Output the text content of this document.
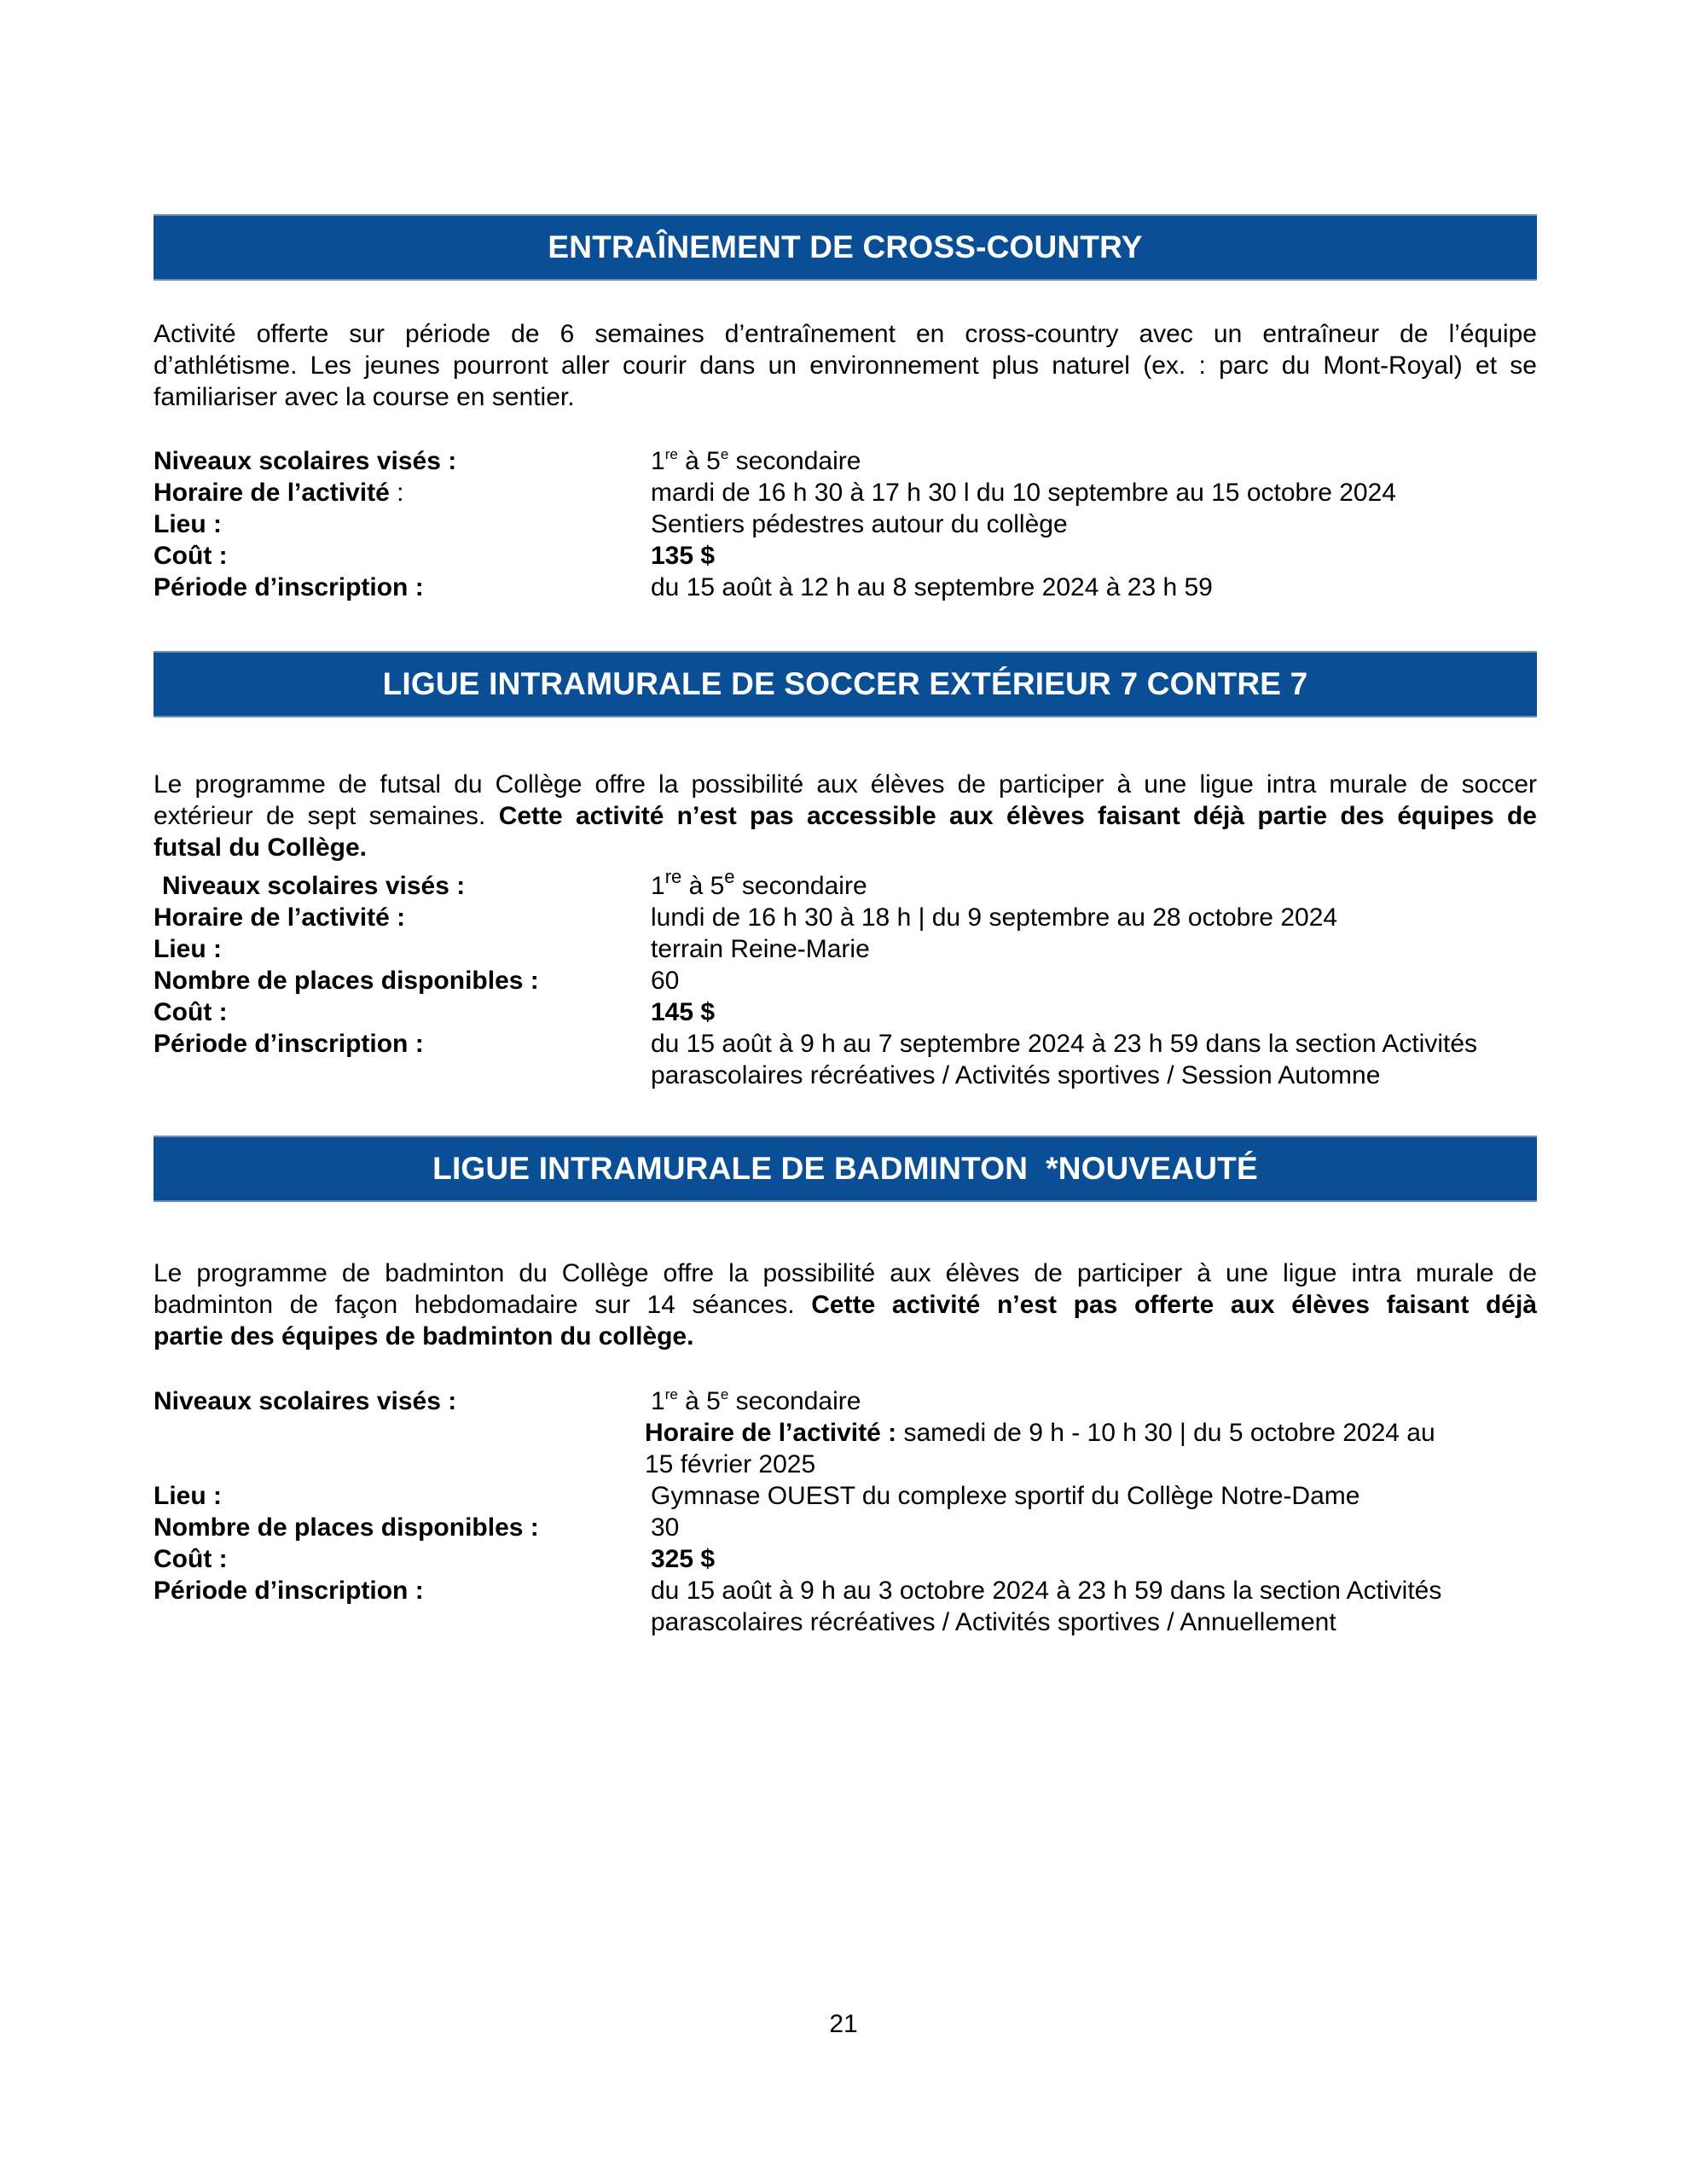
ENTRAÎNEMENT DE CROSS-COUNTRY
Activité offerte sur période de 6 semaines d’entraînement en cross-country avec un entraîneur de l’équipe
d’athlétisme. Les jeunes pourront aller courir dans un environnement plus naturel (ex. : parc du Mont-Royal) et se
familiariser avec la course en sentier.
Niveaux scolaires visés :	1re à 5e secondaire
Horaire de l’activité :	mardi de 16 h 30 à 17 h 30 l du 10 septembre au 15 octobre 2024
Lieu :	Sentiers pédestres autour du collège
Coût :	135 $
Période d’inscription :	du 15 août à 12 h au 8 septembre 2024 à 23 h 59
LIGUE INTRAMURALE DE SOCCER EXTÉRIEUR 7 CONTRE 7
Le programme de futsal du Collège offre la possibilité aux élèves de participer à une ligue intra murale de soccer
extérieur de sept semaines. Cette activité n’est pas accessible aux élèves faisant déjà partie des équipes de
futsal du Collège.
Niveaux scolaires visés :	1re à 5e secondaire
Horaire de l’activité :	lundi de 16 h 30 à 18 h | du 9 septembre au 28 octobre 2024
Lieu :	terrain Reine-Marie
Nombre de places disponibles :	60
Coût :	145 $
Période d’inscription :	du 15 août à 9 h au 7 septembre 2024 à 23 h 59 dans la section Activités
parascolaires récréatives / Activités sportives / Session Automne
LIGUE INTRAMURALE DE BADMINTON  *NOUVEAUTÉ
Le programme de badminton du Collège offre la possibilité aux élèves de participer à une ligue intra murale de
badminton de façon hebdomadaire sur 14 séances. Cette activité n’est pas offerte aux élèves faisant déjà
partie des équipes de badminton du collège.
Niveaux scolaires visés :	1re à 5e secondaire
Horaire de l’activité : samedi de 9 h - 10 h 30 | du 5 octobre 2024 au
15 février 2025
Lieu :	Gymnase OUEST du complexe sportif du Collège Notre-Dame
Nombre de places disponibles :	30
Coût :	325 $
Période d’inscription :	du 15 août à 9 h au 3 octobre 2024 à 23 h 59 dans la section Activités
parascolaires récréatives / Activités sportives / Annuellement
21
